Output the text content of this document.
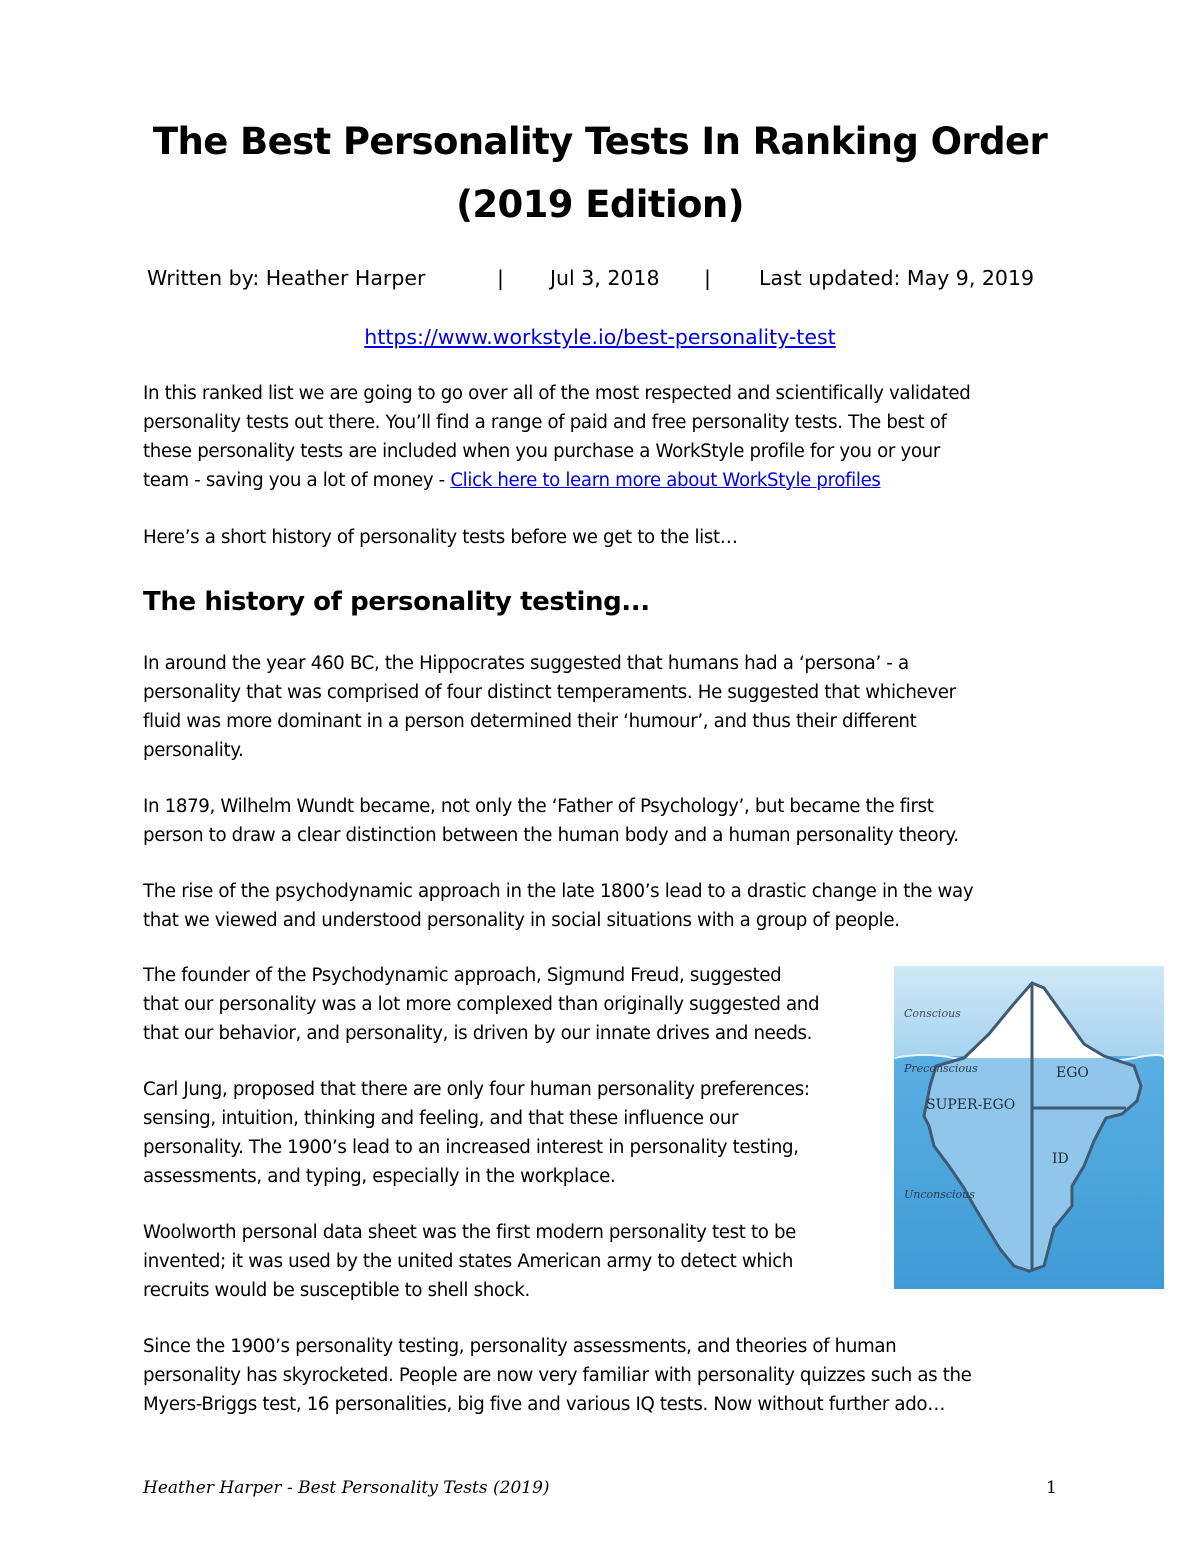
The Best Personality Tests In Ranking Order
(2019 Edition)
Written by: Heather Harper	| Jul 3, 2018 | Last updated: May 9, 2019
https://www.workstyle.io/best-personality-test

In this ranked list we are going to go over all of the most respected and scientifically validated
personality tests out there. You’ll find a range of paid and free personality tests. The best of
these personality tests are included when you purchase a WorkStyle profile for you or your
team - saving you a lot of money - Click here to learn more about WorkStyle profiles

Here’s a short history of personality tests before we get to the list…

The history of personality testing...

In around the year 460 BC, the Hippocrates suggested that humans had a ‘persona’ - a
personality that was comprised of four distinct temperaments. He suggested that whichever
fluid was more dominant in a person determined their ‘humour’, and thus their different
personality.

In 1879, Wilhelm Wundt became, not only the ‘Father of Psychology’, but became the first
person to draw a clear distinction between the human body and a human personality theory.

The rise of the psychodynamic approach in the late 1800’s lead to a drastic change in the way
that we viewed and understood personality in social situations with a group of people.

The founder of the Psychodynamic approach, Sigmund Freud, suggested
that our personality was a lot more complexed than originally suggested and
that our behavior, and personality, is driven by our innate drives and needs.

Carl Jung, proposed that there are only four human personality preferences:
sensing, intuition, thinking and feeling, and that these influence our
personality. The 1900’s lead to an increased interest in personality testing,
assessments, and typing, especially in the workplace.

Woolworth personal data sheet was the first modern personality test to be
invented; it was used by the united states American army to detect which
recruits would be susceptible to shell shock.

Since the 1900’s personality testing, personality assessments, and theories of human
personality has skyrocketed. People are now very familiar with personality quizzes such as the
Myers-Briggs test, 16 personalities, big five and various IQ tests. Now without further ado…

Conscious
Preconscious
Unconscious
EGO
SUPER-EGO
ID
Heather Harper - Best Personality Tests (2019)	1
